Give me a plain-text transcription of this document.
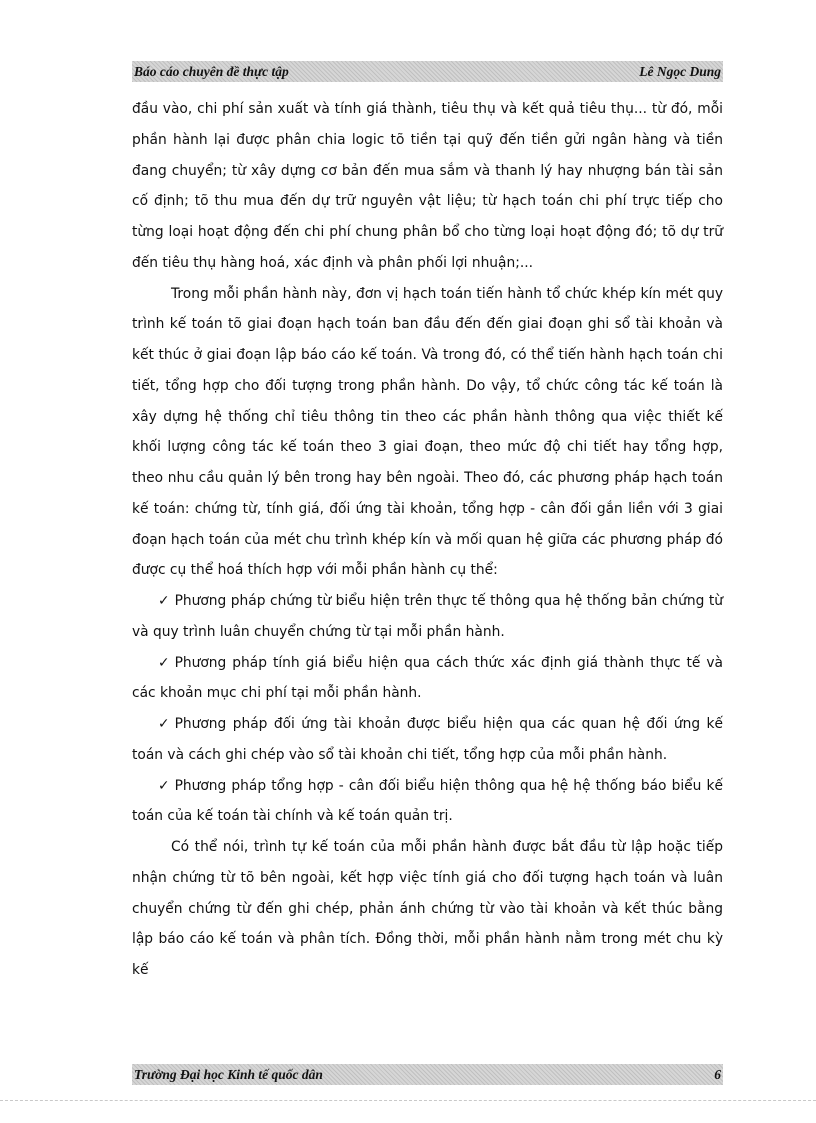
Báo cáo chuyên đề thực tập	Lê Ngọc Dung

đầu vào, chi phí sản xuất và tính giá thành, tiêu thụ và kết quả tiêu thụ... từ đó, mỗi phần hành lại được phân chia logic tõ tiền tại quỹ đến tiền gửi ngân hàng và tiền đang chuyển; từ xây dựng cơ bản đến mua sắm và thanh lý hay nhượng bán tài sản cố định; tõ thu mua đến dự trữ nguyên vật liệu; từ hạch toán chi phí trực tiếp cho từng loại hoạt động đến chi phí chung phân bổ cho từng loại hoạt động đó; tõ dự trữ đến tiêu thụ hàng hoá, xác định và phân phối lợi nhuận;...

Trong mỗi phần hành này, đơn vị hạch toán tiến hành tổ chức khép kín mét quy trình kế toán tõ giai đoạn hạch toán ban đầu đến đến giai đoạn ghi sổ tài khoản và kết thúc ở giai đoạn lập báo cáo kế toán. Và trong đó, có thể tiến hành hạch toán chi tiết, tổng hợp cho đối tượng trong phần hành. Do vậy, tổ chức công tác kế toán là xây dựng hệ thống chỉ tiêu thông tin theo các phần hành thông qua việc thiết kế khối lượng công tác kế toán theo 3 giai đoạn, theo mức độ chi tiết hay tổng hợp, theo nhu cầu quản lý bên trong hay bên ngoài. Theo đó, các phương pháp hạch toán kế toán: chứng từ, tính giá, đối ứng tài khoản, tổng hợp - cân đối gắn liền với 3 giai đoạn hạch toán của mét chu trình khép kín và mối quan hệ giữa các phương pháp đó được cụ thể hoá thích hợp với mỗi phần hành cụ thể:

✓ Phương pháp chứng từ biểu hiện trên thực tế thông qua hệ thống bản chứng từ và quy trình luân chuyển chứng từ tại mỗi phần hành.

✓ Phương pháp tính giá biểu hiện qua cách thức xác định giá thành thực tế và các khoản mục chi phí tại mỗi phần hành.

✓ Phương pháp đối ứng tài khoản được biểu hiện qua các quan hệ đối ứng kế toán và cách ghi chép vào sổ tài khoản chi tiết, tổng hợp của mỗi phần hành.

✓ Phương pháp tổng hợp - cân đối biểu hiện thông qua hệ hệ thống báo biểu kế toán của kế toán tài chính và kế toán quản trị.

Có thể nói, trình tự kế toán của mỗi phần hành được bắt đầu từ lập hoặc tiếp nhận chứng từ tõ bên ngoài, kết hợp việc tính giá cho đối tượng hạch toán và luân chuyển chứng từ đến ghi chép, phản ánh chứng từ vào tài khoản và kết thúc bằng lập báo cáo kế toán và phân tích. Đồng thời, mỗi phần hành nằm trong mét chu kỳ kế

Trường Đại học Kinh tế quốc dân	6
